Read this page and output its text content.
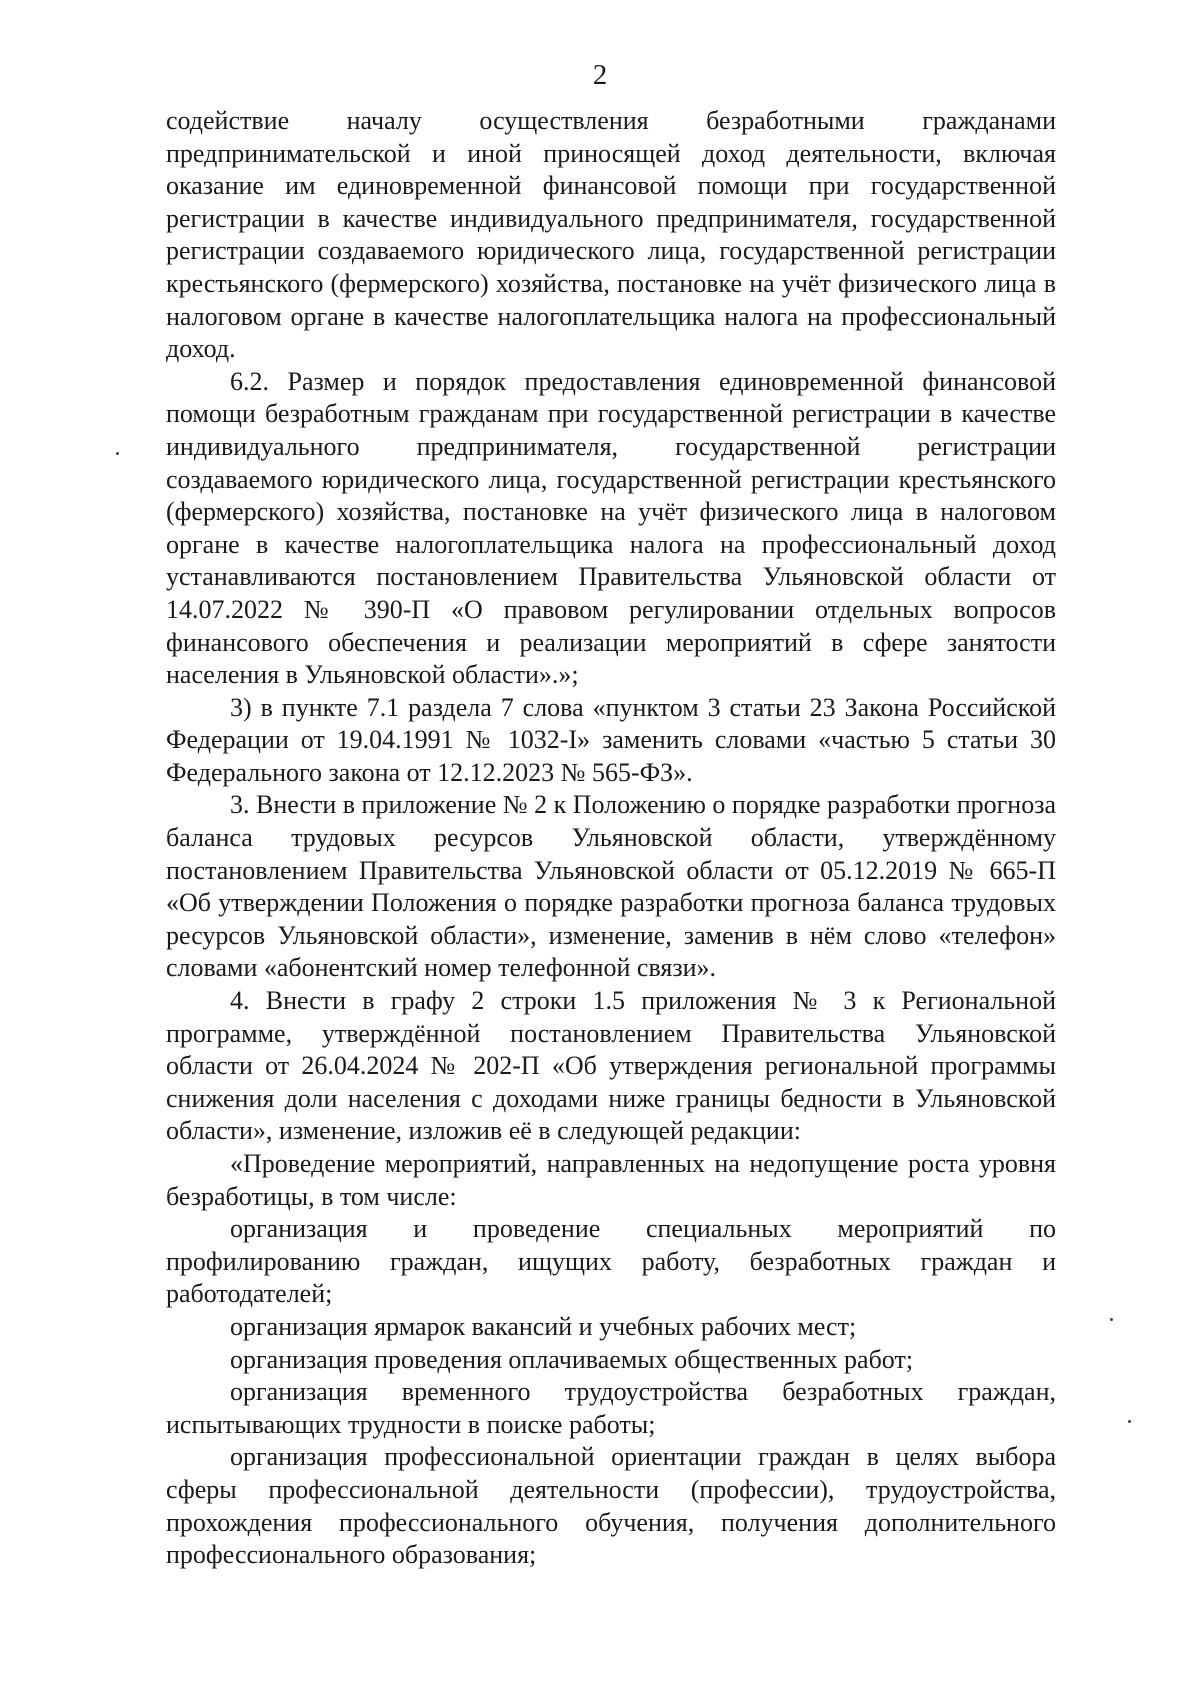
2

содействие началу осуществления безработными гражданами предпринимательской и иной приносящей доход деятельности, включая оказание им единовременной финансовой помощи при государственной регистрации в качестве индивидуального предпринимателя, государственной регистрации создаваемого юридического лица, государственной регистрации крестьянского (фермерского) хозяйства, постановке на учёт физического лица в налоговом органе в качестве налогоплательщика налога на профессиональный доход.

6.2. Размер и порядок предоставления единовременной финансовой помощи безработным гражданам при государственной регистрации в качестве индивидуального предпринимателя, государственной регистрации создаваемого юридического лица, государственной регистрации крестьянского (фермерского) хозяйства, постановке на учёт физического лица в налоговом органе в качестве налогоплательщика налога на профессиональный доход устанавливаются постановлением Правительства Ульяновской области от 14.07.2022 № 390-П «О правовом регулировании отдельных вопросов финансового обеспечения и реализации мероприятий в сфере занятости населения в Ульяновской области».»;

3) в пункте 7.1 раздела 7 слова «пунктом 3 статьи 23 Закона Российской Федерации от 19.04.1991 № 1032-I» заменить словами «частью 5 статьи 30 Федерального закона от 12.12.2023 № 565-ФЗ».

3. Внести в приложение № 2 к Положению о порядке разработки прогноза баланса трудовых ресурсов Ульяновской области, утверждённому постановлением Правительства Ульяновской области от 05.12.2019 № 665-П «Об утверждении Положения о порядке разработки прогноза баланса трудовых ресурсов Ульяновской области», изменение, заменив в нём слово «телефон» словами «абонентский номер телефонной связи».

4. Внести в графу 2 строки 1.5 приложения № 3 к Региональной программе, утверждённой постановлением Правительства Ульяновской области от 26.04.2024 № 202-П «Об утверждения региональной программы снижения доли населения с доходами ниже границы бедности в Ульяновской области», изменение, изложив её в следующей редакции:

«Проведение мероприятий, направленных на недопущение роста уровня безработицы, в том числе:

организация и проведение специальных мероприятий по профилированию граждан, ищущих работу, безработных граждан и работодателей;

организация ярмарок вакансий и учебных рабочих мест;

организация проведения оплачиваемых общественных работ;

организация временного трудоустройства безработных граждан, испытывающих трудности в поиске работы;

организация профессиональной ориентации граждан в целях выбора сферы профессиональной деятельности (профессии), трудоустройства, прохождения профессионального обучения, получения дополнительного профессионального образования;
